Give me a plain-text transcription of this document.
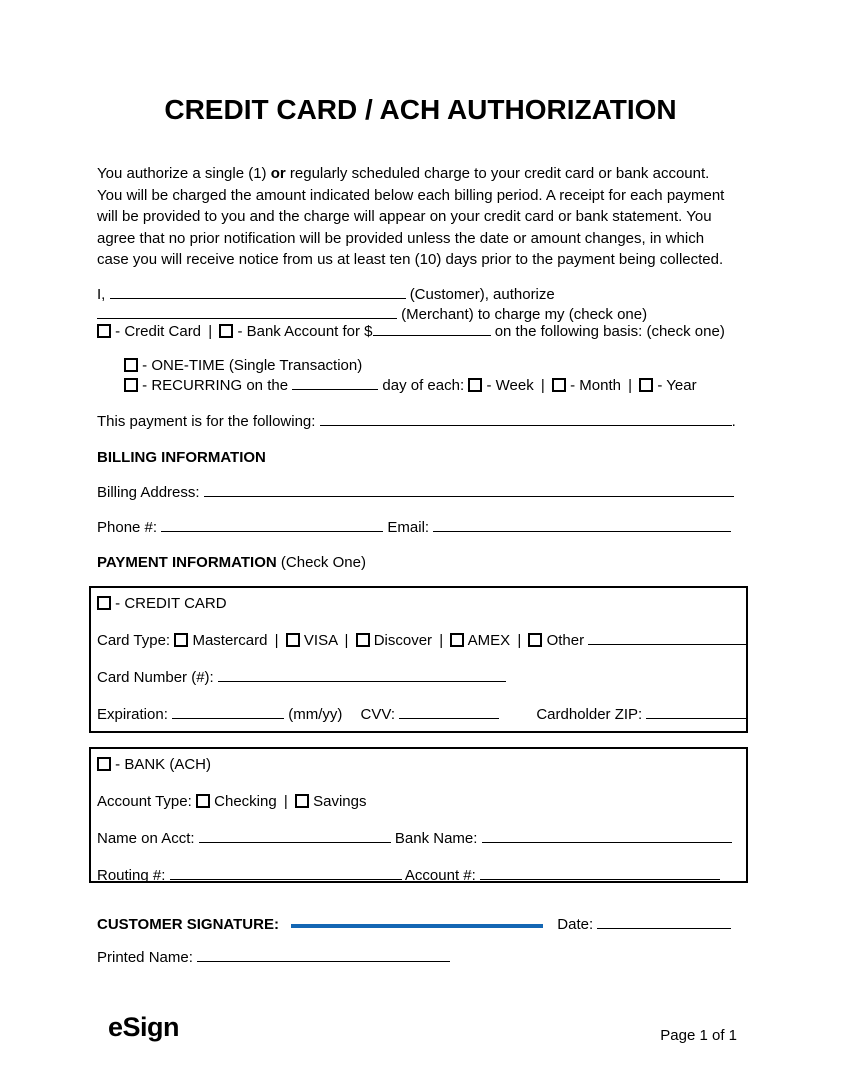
CREDIT CARD / ACH AUTHORIZATION
You authorize a single (1) or regularly scheduled charge to your credit card or bank account.
You will be charged the amount indicated below each billing period. A receipt for each payment
will be provided to you and the charge will appear on your credit card or bank statement. You
agree that no prior notification will be provided unless the date or amount changes, in which
case you will receive notice from us at least ten (10) days prior to the payment being collected.
I,	(Customer), authorize
(Merchant) to charge my (check one)
- Credit Card | - Bank Account for $	on the following basis: (check one)
- ONE-TIME (Single Transaction)
- RECURRING on the	day of each: - Week | - Month | - Year
This payment is for the following:	.
BILLING INFORMATION
Billing Address:
Phone #:	Email:
PAYMENT INFORMATION (Check One)
- CREDIT CARD
Card Type: Mastercard | VISA | Discover | AMEX | Other
Card Number (#):
Expiration:	(mm/yy) CVV:	Cardholder ZIP:
- BANK (ACH)
Account Type: Checking | Savings
Name on Acct:	Bank Name:
Routing #:	Account #:
CUSTOMER SIGNATURE:	Date:
Printed Name:
eSign	Page 1 of 1
